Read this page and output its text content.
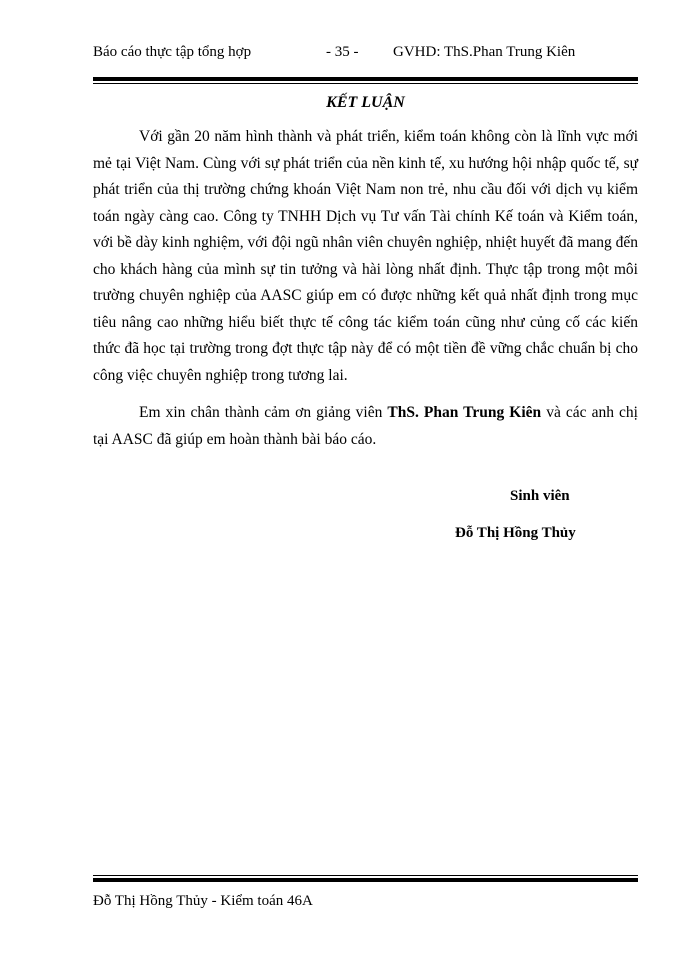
Báo cáo thực tập tổng hợp	- 35 - GVHD: ThS.Phan Trung Kiên
KẾT LUẬN

Với gần 20 năm hình thành và phát triển, kiểm toán không còn là lĩnh vực mới mẻ tại Việt Nam. Cùng với sự phát triển của nền kinh tế, xu hướng hội nhập quốc tế, sự phát triển của thị trường chứng khoán Việt Nam non trẻ, nhu cầu đối với dịch vụ kiểm toán ngày càng cao. Công ty TNHH Dịch vụ Tư vấn Tài chính Kế toán và Kiểm toán, với bề dày kinh nghiệm, với đội ngũ nhân viên chuyên nghiệp, nhiệt huyết đã mang đến cho khách hàng của mình sự tin tưởng và hài lòng nhất định. Thực tập trong một môi trường chuyên nghiệp của AASC giúp em có được những kết quả nhất định trong mục tiêu nâng cao những hiểu biết thực tế công tác kiểm toán cũng như củng cố các kiến thức đã học tại trường trong đợt thực tập này để có một tiền đề vững chắc chuẩn bị cho công việc chuyên nghiệp trong tương lai.

Em xin chân thành cảm ơn giảng viên ThS. Phan Trung Kiên và các anh chị tại AASC đã giúp em hoàn thành bài báo cáo.

Sinh viên
Đỗ Thị Hồng Thủy
Đỗ Thị Hồng Thủy - Kiểm toán 46A
